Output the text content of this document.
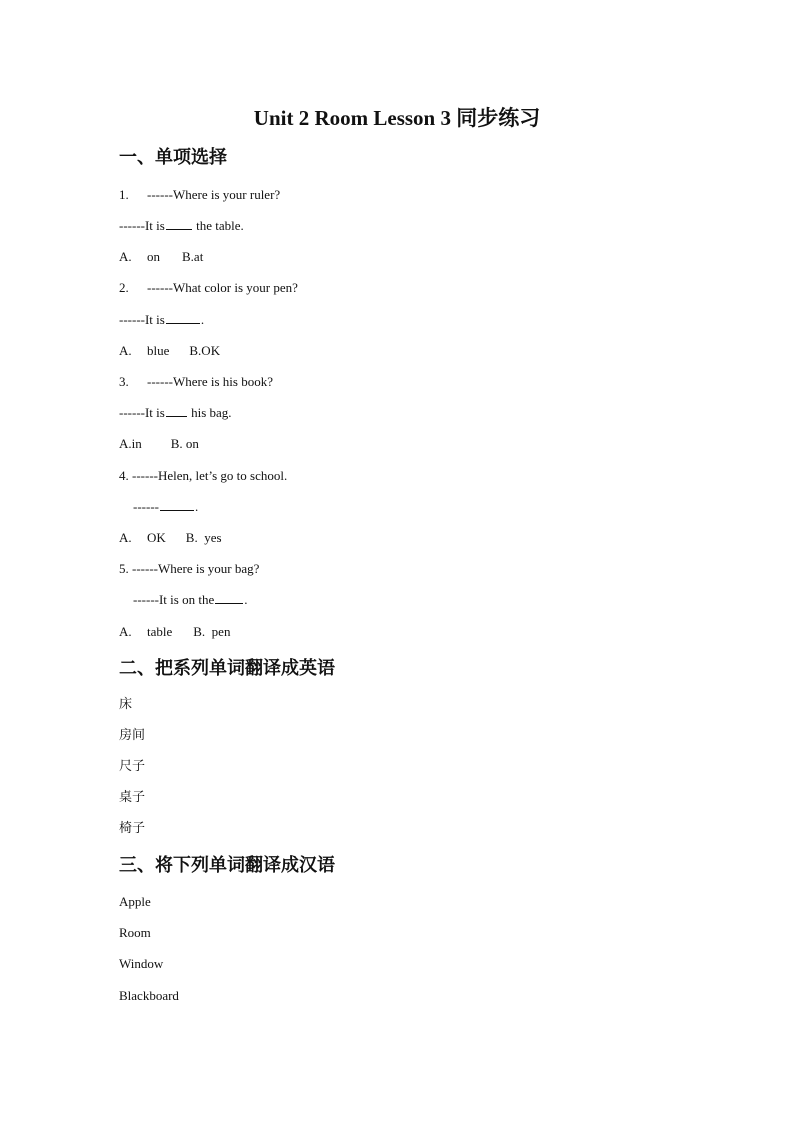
Unit 2 Room Lesson 3 同步练习
一、单项选择
1. ------Where is your ruler?
------It is the table.
A. on B.at
2. ------What color is your pen?
------It is	.
A. blue B.OK
3. ------Where is his book?
------It is his bag.
A.in B. on
4. ------Helen, let’s go to school.
------	.
A. OK B.  yes
5. ------Where is your bag?
------It is on the .
A. table B.  pen
二、把系列单词翻译成英语
床
房间
尺子
桌子
椅子
三、将下列单词翻译成汉语
Apple
Room
Window
Blackboard
